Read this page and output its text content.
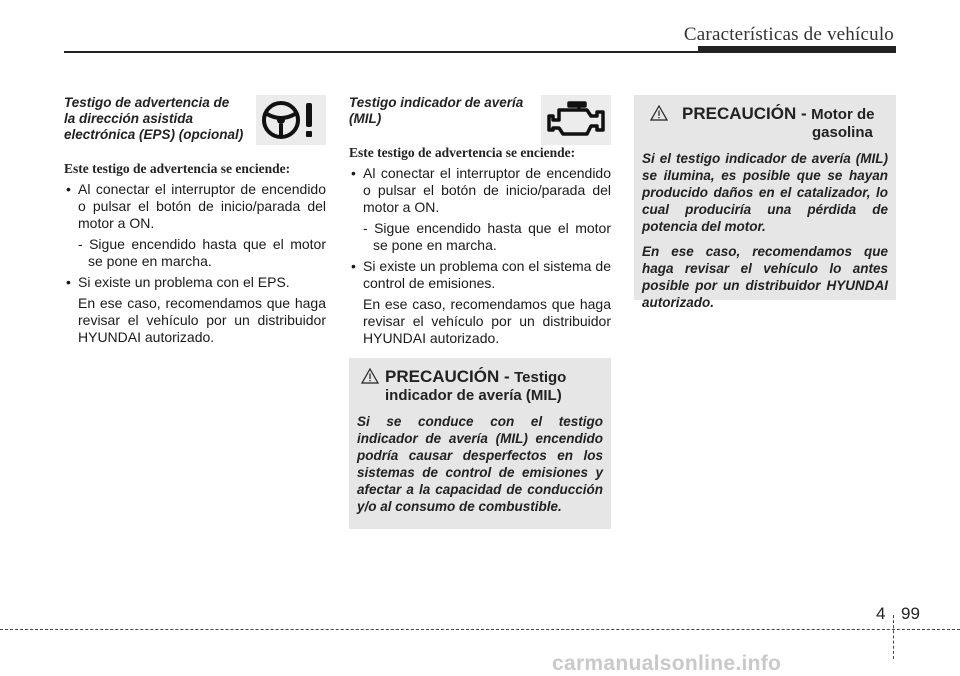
Características de vehículo

Testigo de advertencia de la dirección asistida electrónica (EPS) (opcional)

Este testigo de advertencia se enciende:

• Al conectar el interruptor de encendido o pulsar el botón de inicio/parada del motor a ON.

- Sigue encendido hasta que el motor se pone en marcha.

• Si existe un problema con el EPS.

En ese caso, recomendamos que haga revisar el vehículo por un distribuidor HYUNDAI autorizado.

Testigo indicador de avería (MIL)

Este testigo de advertencia se enciende:

• Al conectar el interruptor de encendido o pulsar el botón de inicio/parada del motor a ON.

- Sigue encendido hasta que el motor se pone en marcha.

• Si existe un problema con el sistema de control de emisiones.

En ese caso, recomendamos que haga revisar el vehículo por un distribuidor HYUNDAI autorizado.

PRECAUCIÓN - Testigo
indicador de avería (MIL)

Si se conduce con el testigo indicador de avería (MIL) encendido podría causar desperfectos en los sistemas de control de emisiones y afectar a la capacidad de conducción y/o al consumo de combustible.

PRECAUCIÓN - Motor de
gasolina

Si el testigo indicador de avería (MIL) se ilumina, es posible que se hayan producido daños en el catalizador, lo cual produciría una pérdida de potencia del motor.

En ese caso, recomendamos que haga revisar el vehículo lo antes posible por un distribuidor HYUNDAI autorizado.

4 99
carmanualsonline.info
